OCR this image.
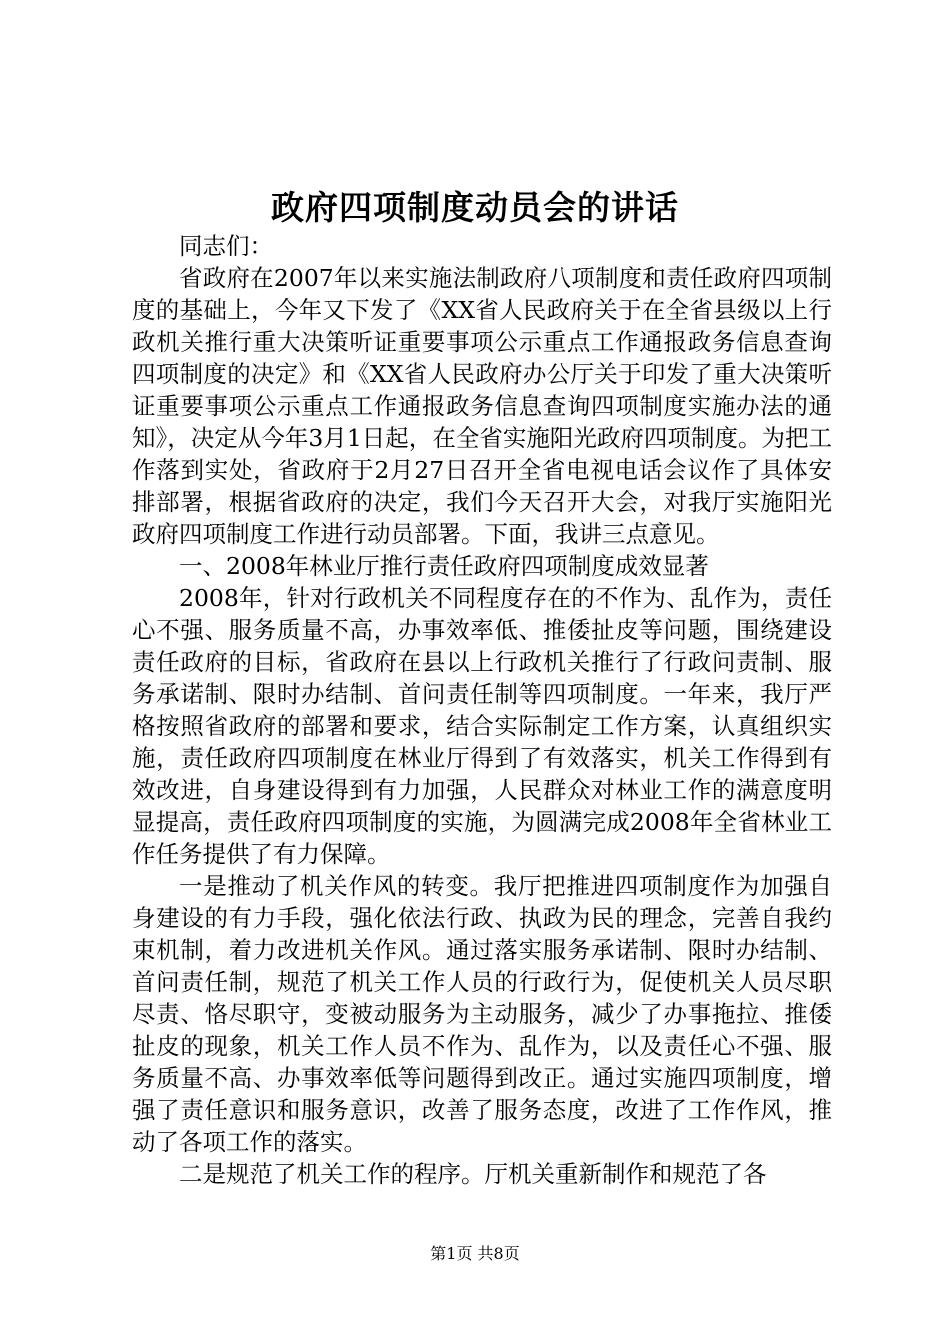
政府四项制度动员会的讲话

同志们：

省政府在2007年以来实施法制政府八项制度和责任政府四项制度的基础上，今年又下发了《XX省人民政府关于在全省县级以上行政机关推行重大决策听证重要事项公示重点工作通报政务信息查询四项制度的决定》和《XX省人民政府办公厅关于印发了重大决策听证重要事项公示重点工作通报政务信息查询四项制度实施办法的通知》，决定从今年3月1日起，在全省实施阳光政府四项制度。为把工作落到实处，省政府于2月27日召开全省电视电话会议作了具体安排部署，根据省政府的决定，我们今天召开大会，对我厅实施阳光政府四项制度工作进行动员部署。下面，我讲三点意见。

一、2008年林业厅推行责任政府四项制度成效显著

2008年，针对行政机关不同程度存在的不作为、乱作为，责任心不强、服务质量不高，办事效率低、推倭扯皮等问题，围绕建设责任政府的目标，省政府在县以上行政机关推行了行政问责制、服务承诺制、限时办结制、首问责任制等四项制度。一年来，我厅严格按照省政府的部署和要求，结合实际制定工作方案，认真组织实施，责任政府四项制度在林业厅得到了有效落实，机关工作得到有效改进，自身建设得到有力加强，人民群众对林业工作的满意度明显提高，责任政府四项制度的实施，为圆满完成2008年全省林业工作任务提供了有力保障。

一是推动了机关作风的转变。我厅把推进四项制度作为加强自身建设的有力手段，强化依法行政、执政为民的理念，完善自我约束机制，着力改进机关作风。通过落实服务承诺制、限时办结制、首问责任制，规范了机关工作人员的行政行为，促使机关人员尽职尽责、恪尽职守，变被动服务为主动服务，减少了办事拖拉、推倭扯皮的现象，机关工作人员不作为、乱作为，以及责任心不强、服务质量不高、办事效率低等问题得到改正。通过实施四项制度，增强了责任意识和服务意识，改善了服务态度，改进了工作作风，推动了各项工作的落实。

二是规范了机关工作的程序。厅机关重新制作和规范了各

第1页 共8页
